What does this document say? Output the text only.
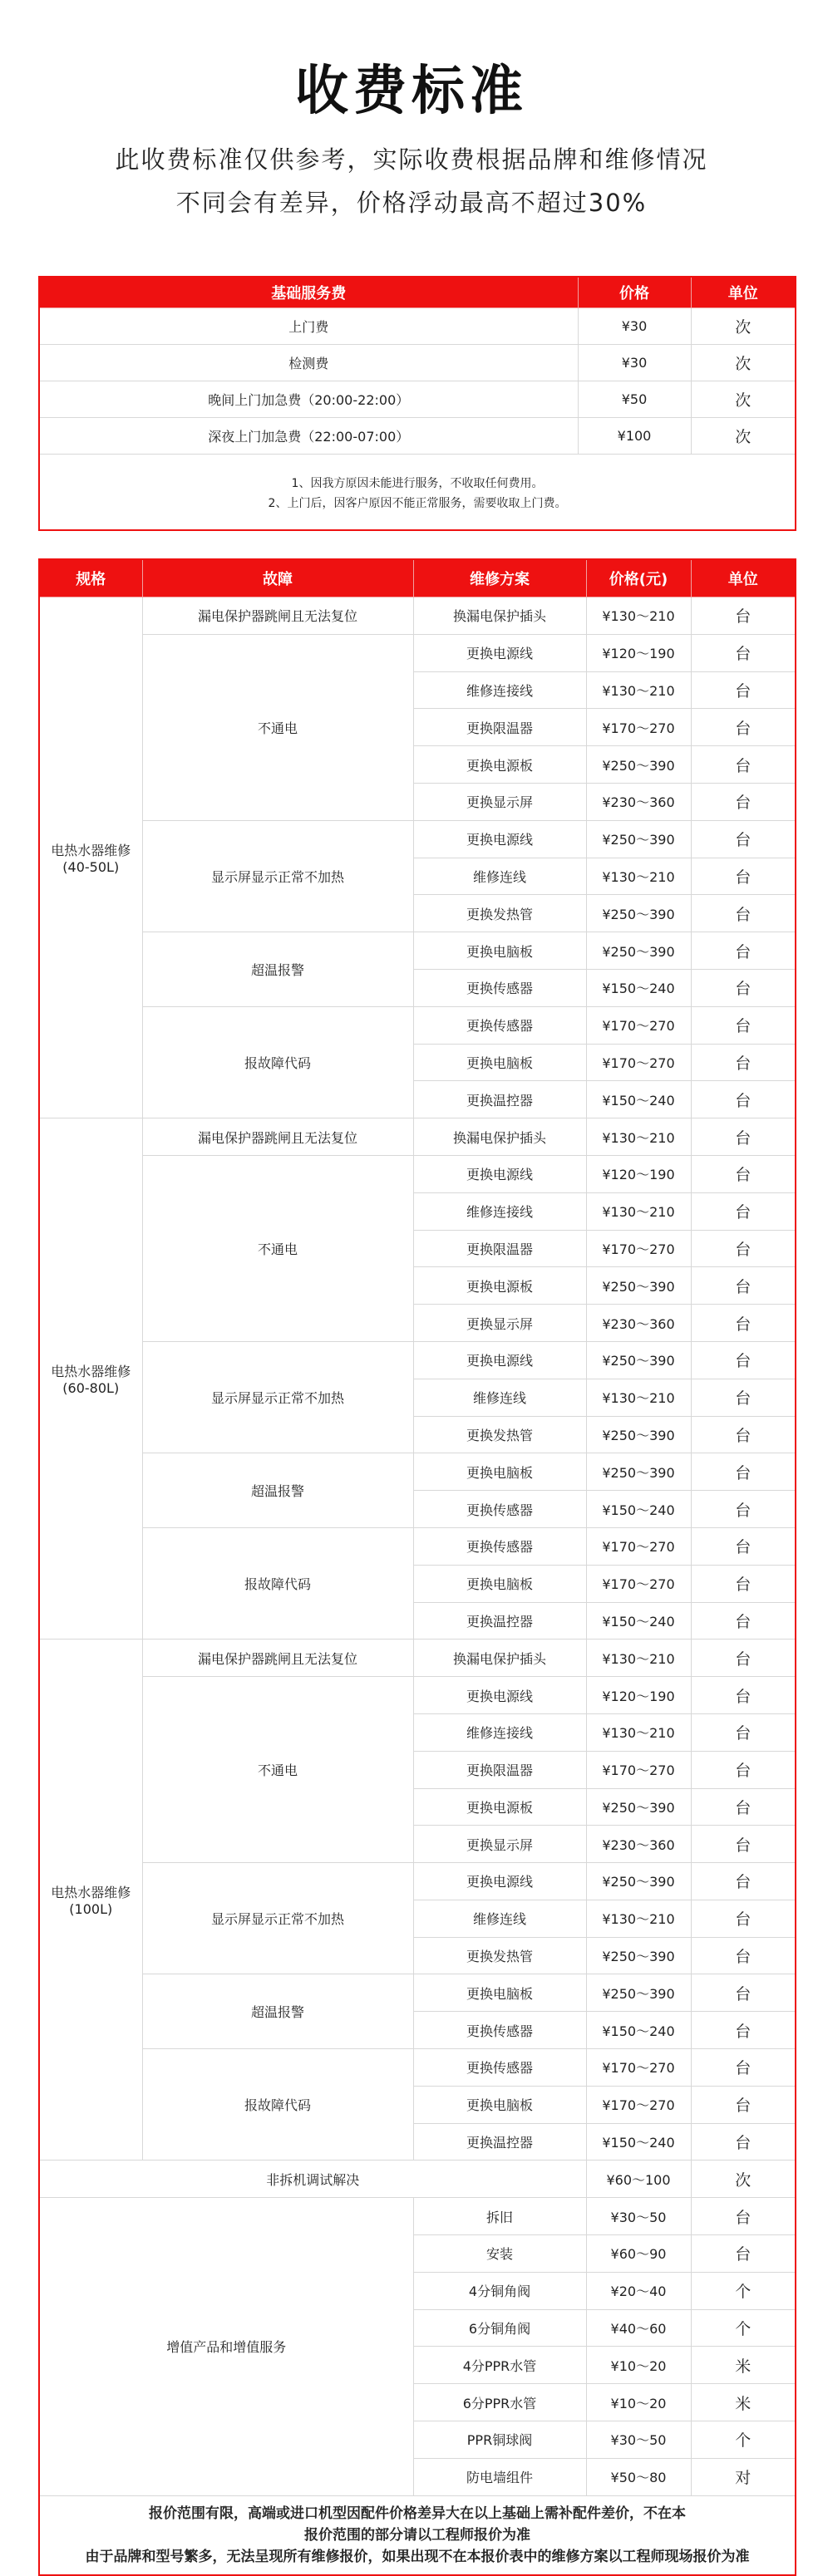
收费标准
此收费标准仅供参考，实际收费根据品牌和维修情况
不同会有差异，价格浮动最高不超过30%
基础服务费	价格	单位
上门费	¥30	次
检测费	¥30	次
晚间上门加急费（20:00-22:00）	¥50	次
深夜上门加急费（22:00-07:00）	¥100	次

1、因我方原因未能进行服务，不收取任何费用。
2、上门后，因客户原因不能正常服务，需要收取上门费。		
规格	故障	维修方案	价格(元)	单位

电热水器维修
(40-50L)	漏电保护器跳闸且无法复位	换漏电保护插头	¥130～210	台
	不通电	更换电源线	¥120～190	台
		维修连接线	¥130～210	台
		更换限温器	¥170～270	台
		更换电源板	¥250～390	台
		更换显示屏	¥230～360	台
	显示屏显示正常不加热	更换电源线	¥250～390	台
		维修连线	¥130～210	台
		更换发热管	¥250～390	台
	超温报警	更换电脑板	¥250～390	台
		更换传感器	¥150～240	台
	报故障代码	更换传感器	¥170～270	台
		更换电脑板	¥170～270	台
		更换温控器	¥150～240	台

电热水器维修
(60-80L)	漏电保护器跳闸且无法复位	换漏电保护插头	¥130～210	台
	不通电	更换电源线	¥120～190	台
		维修连接线	¥130～210	台
		更换限温器	¥170～270	台
		更换电源板	¥250～390	台
		更换显示屏	¥230～360	台
	显示屏显示正常不加热	更换电源线	¥250～390	台
		维修连线	¥130～210	台
		更换发热管	¥250～390	台
	超温报警	更换电脑板	¥250～390	台
		更换传感器	¥150～240	台
	报故障代码	更换传感器	¥170～270	台
		更换电脑板	¥170～270	台
		更换温控器	¥150～240	台

电热水器维修
(100L)	漏电保护器跳闸且无法复位	换漏电保护插头	¥130～210	台
	不通电	更换电源线	¥120～190	台
		维修连接线	¥130～210	台
		更换限温器	¥170～270	台
		更换电源板	¥250～390	台
		更换显示屏	¥230～360	台
	显示屏显示正常不加热	更换电源线	¥250～390	台
		维修连线	¥130～210	台
		更换发热管	¥250～390	台
	超温报警	更换电脑板	¥250～390	台
		更换传感器	¥150～240	台
	报故障代码	更换传感器	¥170～270	台
		更换电脑板	¥170～270	台
		更换温控器	¥150～240	台
非拆机调试解决			¥60～100	次
增值产品和增值服务		拆旧	¥30～50	台
		安装	¥60～90	台
		4分铜角阀	¥20～40	个
		6分铜角阀	¥40～60	个
		4分PPR水管	¥10～20	米
		6分PPR水管	¥10～20	米
		PPR铜球阀	¥30～50	个
		防电墙组件	¥50～80	对

报价范围有限，高端或进口机型因配件价格差异大在以上基础上需补配件差价，不在本
报价范围的部分请以工程师报价为准
由于品牌和型号繁多，无法呈现所有维修报价，如果出现不在本报价表中的维修方案以工程师现场报价为准				
